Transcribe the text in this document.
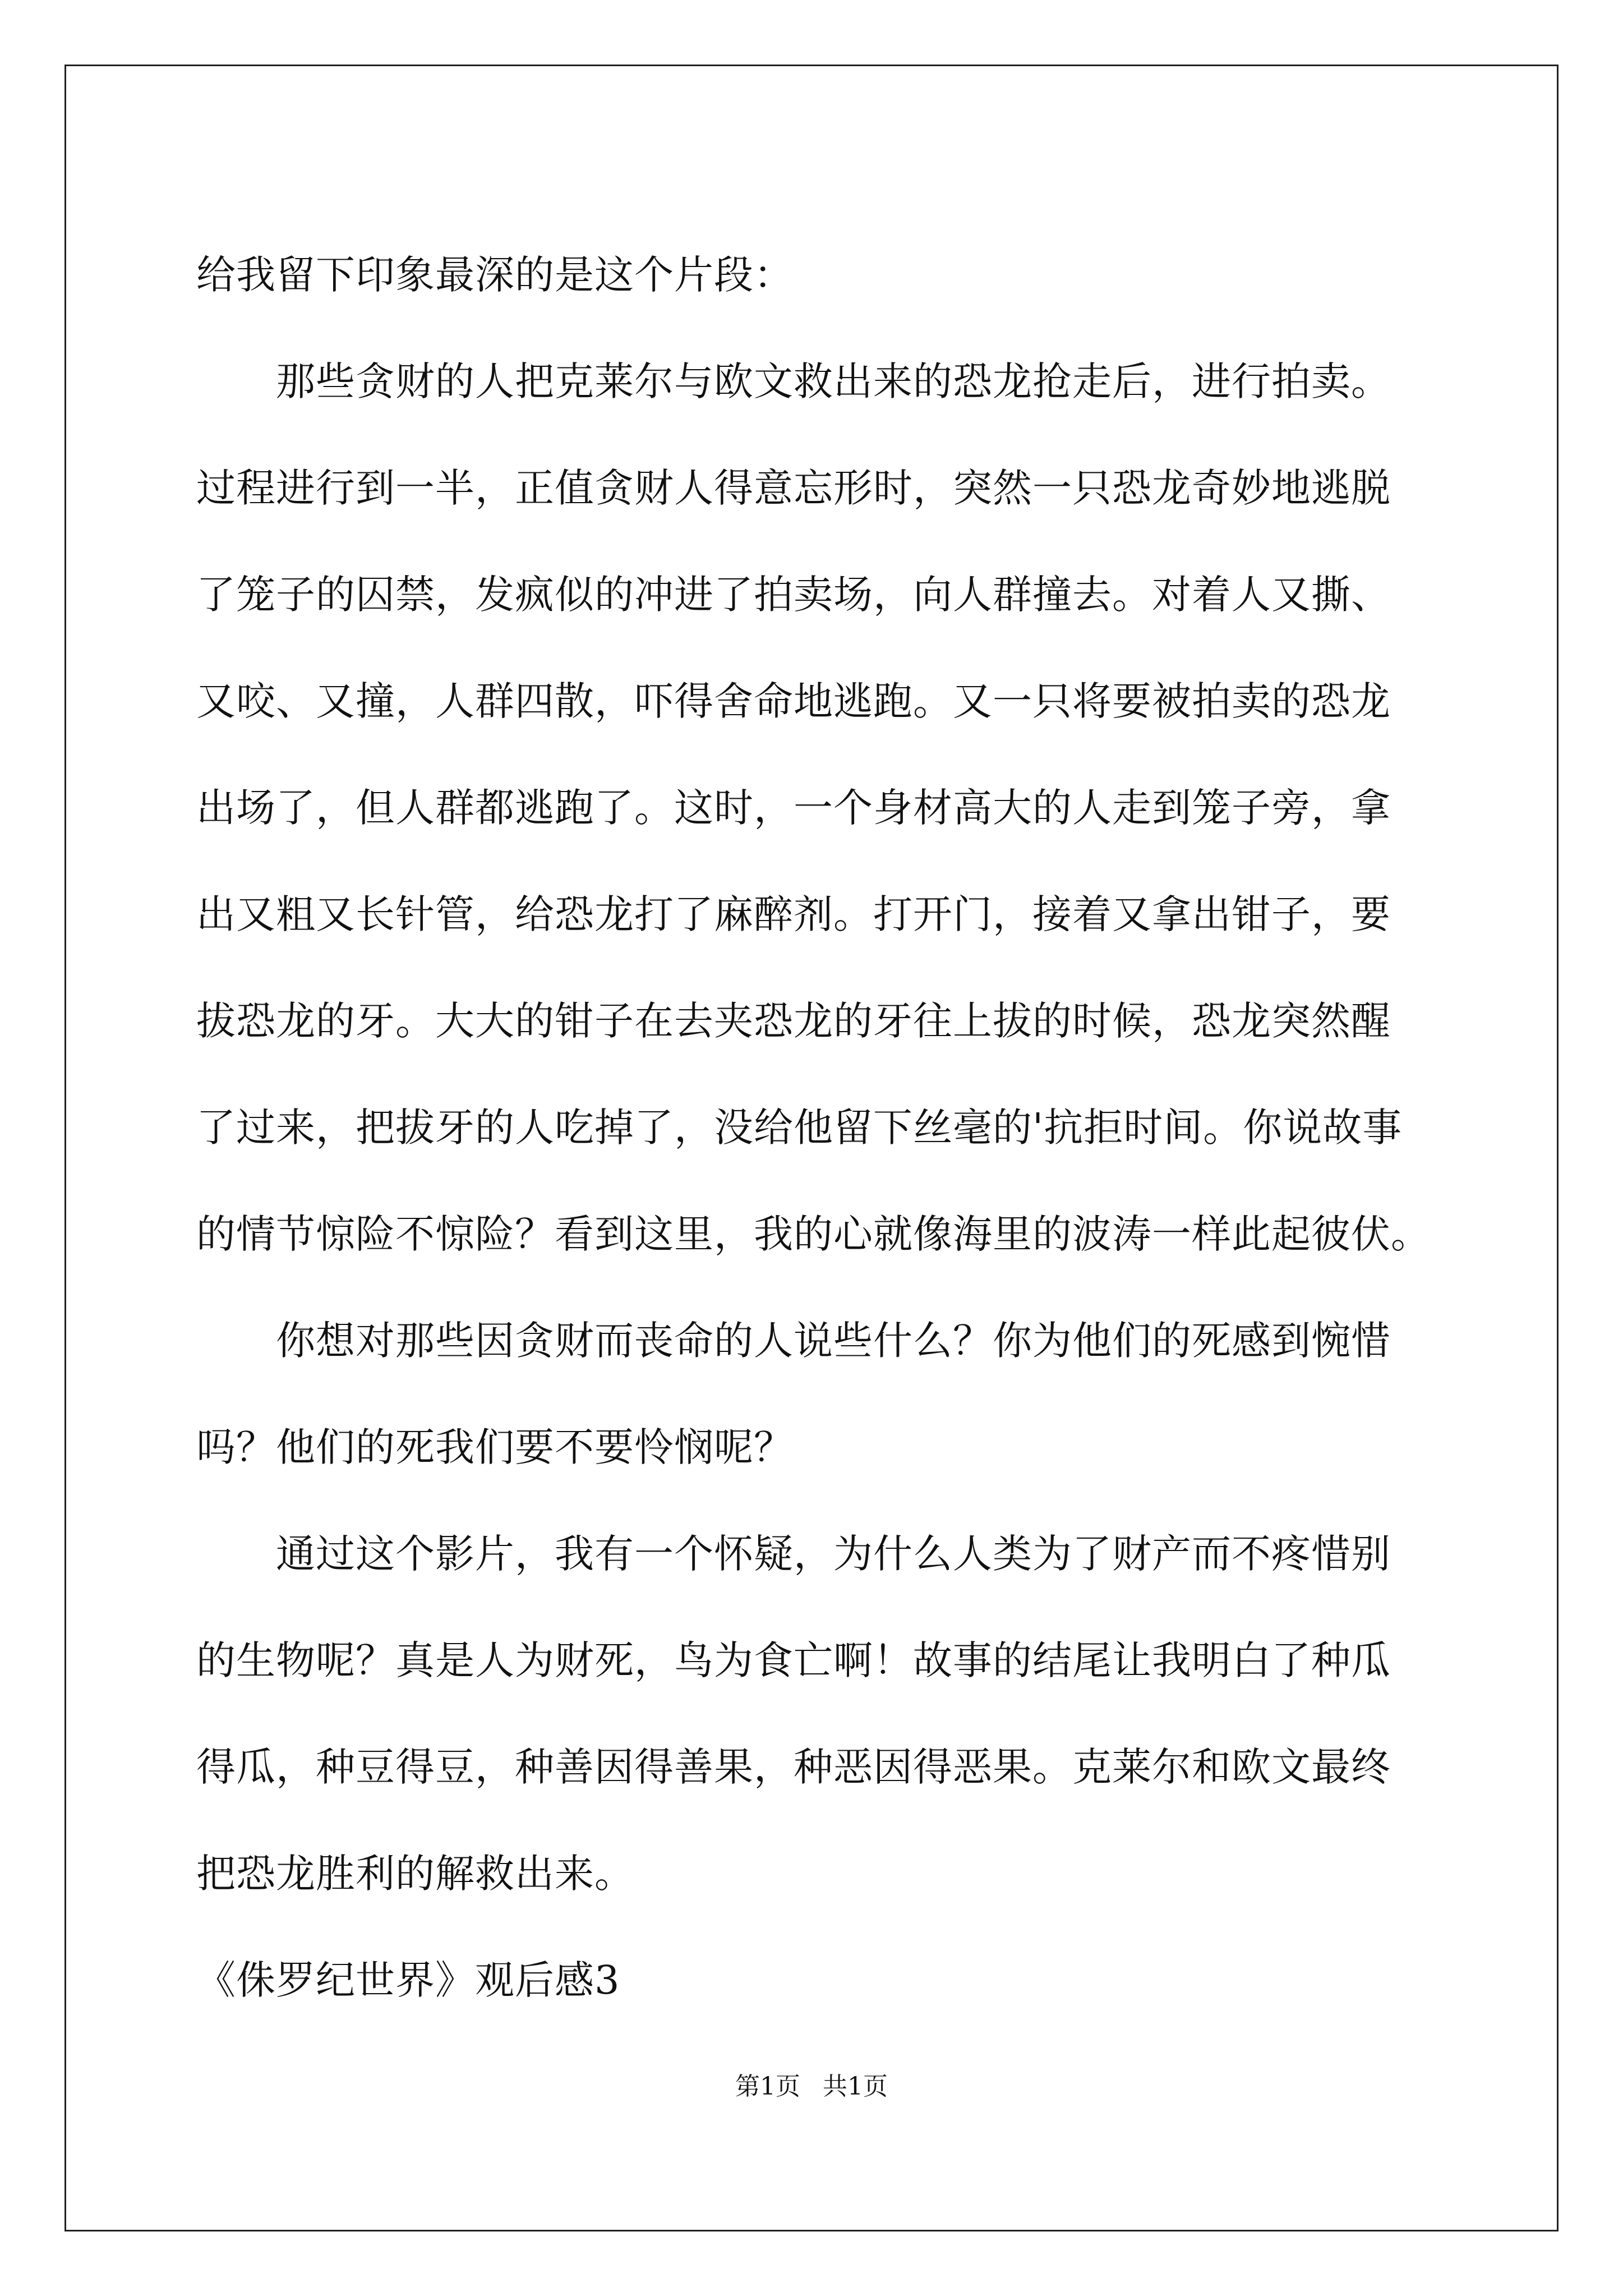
给我留下印象最深的是这个片段：
　　那些贪财的人把克莱尔与欧文救出来的恐龙抢走后，进行拍卖。
过程进行到一半，正值贪财人得意忘形时，突然一只恐龙奇妙地逃脱
了笼子的囚禁，发疯似的冲进了拍卖场，向人群撞去。对着人又撕、
又咬、又撞，人群四散，吓得舍命地逃跑。又一只将要被拍卖的恐龙
出场了，但人群都逃跑了。这时，一个身材高大的人走到笼子旁，拿
出又粗又长针管，给恐龙打了麻醉剂。打开门，接着又拿出钳子，要
拔恐龙的牙。大大的钳子在去夹恐龙的牙往上拔的时候，恐龙突然醒
了过来，把拔牙的人吃掉了，没给他留下丝毫的'抗拒时间。你说故事
的情节惊险不惊险？看到这里，我的心就像海里的波涛一样此起彼伏。
　　你想对那些因贪财而丧命的人说些什么？你为他们的死感到惋惜
吗？他们的死我们要不要怜悯呢？
　　通过这个影片，我有一个怀疑，为什么人类为了财产而不疼惜别
的生物呢？真是人为财死，鸟为食亡啊！故事的结尾让我明白了种瓜
得瓜，种豆得豆，种善因得善果，种恶因得恶果。克莱尔和欧文最终
把恐龙胜利的解救出来。
《侏罗纪世界》观后感3
第1页 共1页
